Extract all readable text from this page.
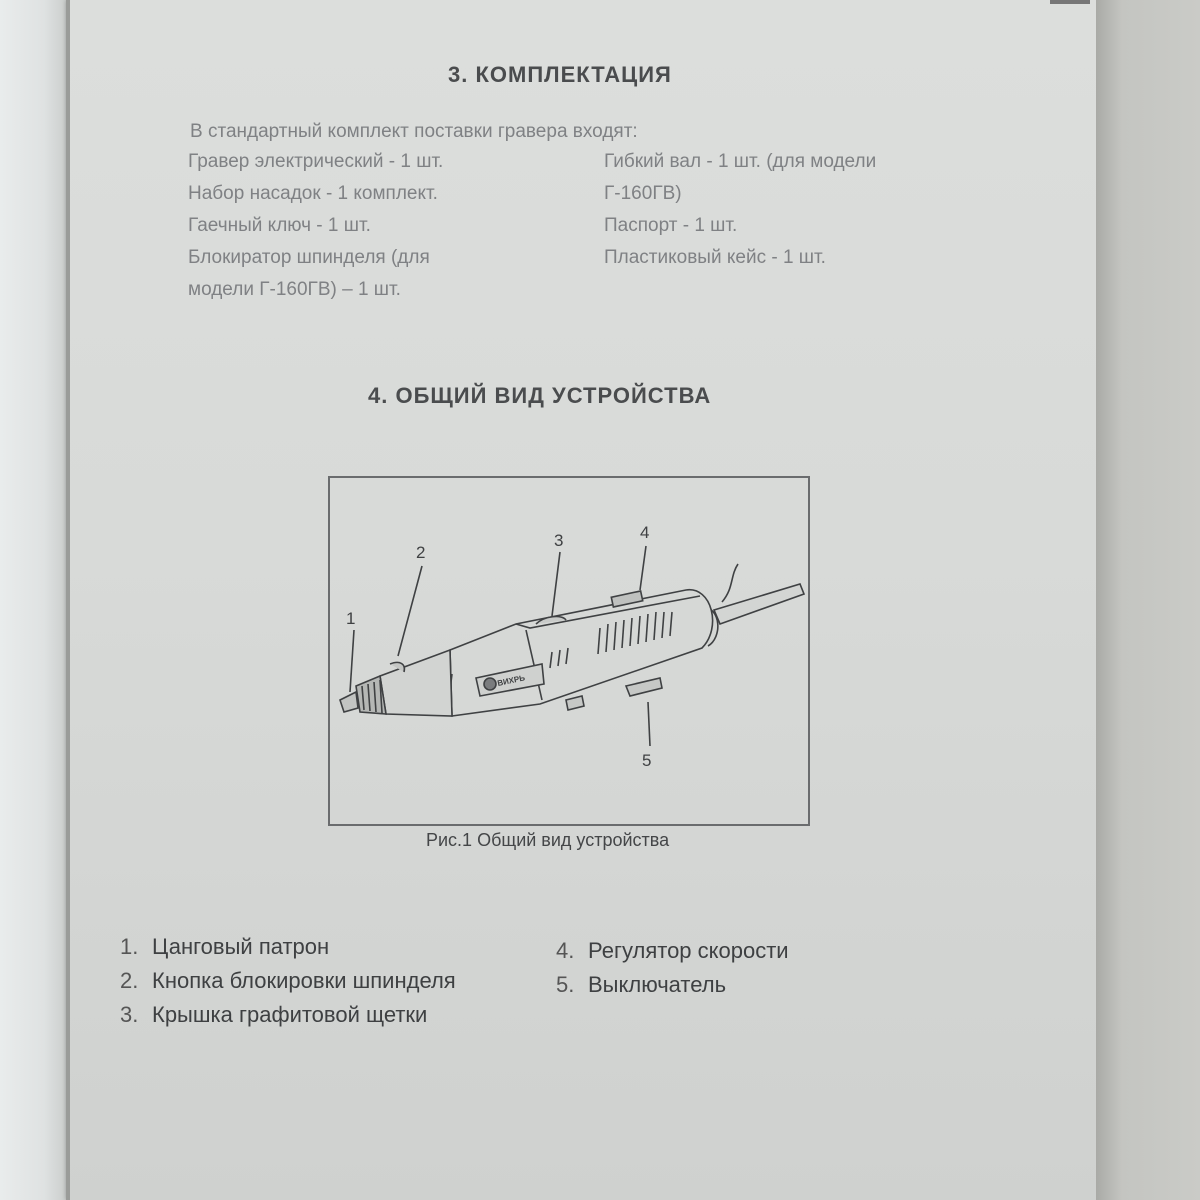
3. КОМПЛЕКТАЦИЯ
В стандартный комплект поставки гравера входят:
Гравер электрический - 1 шт.
Набор насадок - 1 комплект.
Гаечный ключ - 1 шт.
Блокиратор шпинделя (для
модели Г-160ГВ) – 1 шт.
Гибкий вал - 1 шт. (для модели
Г-160ГВ)
Паспорт - 1 шт.
Пластиковый кейс - 1 шт.
4. ОБЩИЙ ВИД УСТРОЙСТВА
1
2
3	4
5
ВИХРЬ
Рис.1 Общий вид устройства
1. Цанговый патрон
2. Кнопка блокировки шпинделя
3. Крышка графитовой щетки
4. Регулятор скорости
5. Выключатель
